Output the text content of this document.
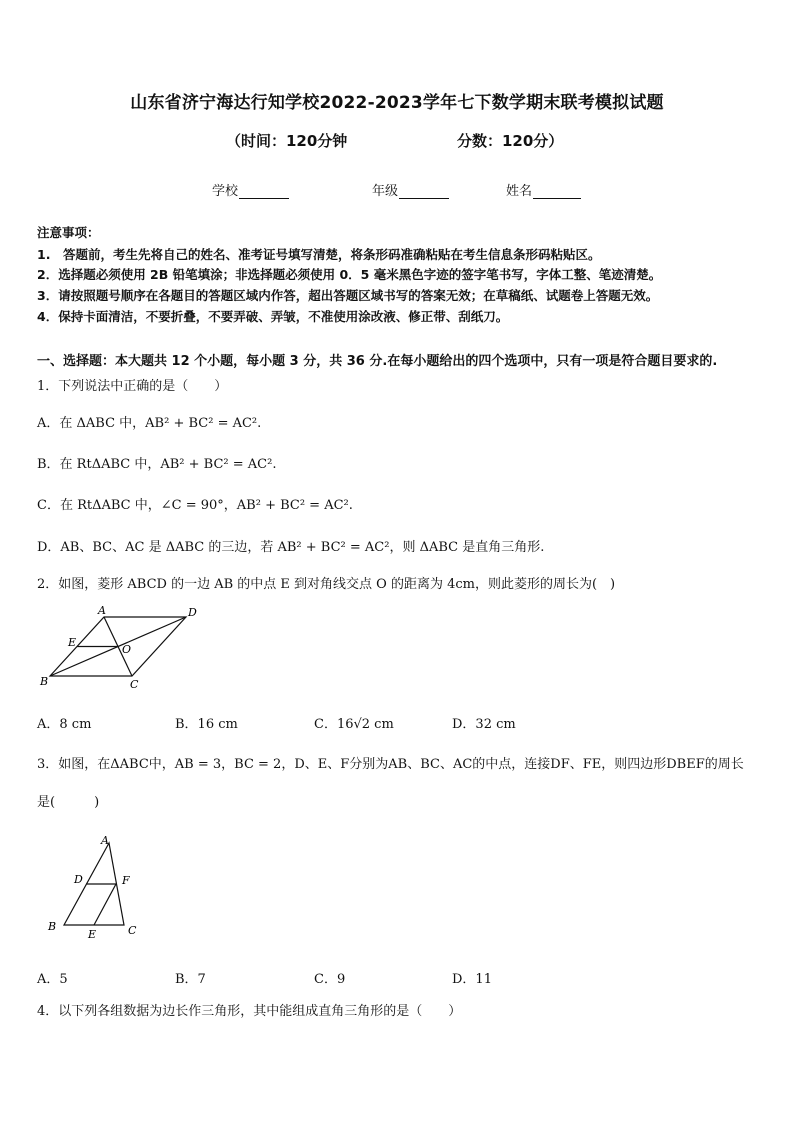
山东省济宁海达行知学校2022-2023学年七下数学期末联考模拟试题
（时间：120分钟	分数：120分）
学校	年级	姓名
注意事项：
1.　答题前，考生先将自己的姓名、准考证号填写清楚，将条形码准确粘贴在考生信息条形码粘贴区。
2．选择题必须使用 2B 铅笔填涂；非选择题必须使用 0．5 毫米黑色字迹的签字笔书写，字体工整、笔迹清楚。
3．请按照题号顺序在各题目的答题区域内作答，超出答题区域书写的答案无效；在草稿纸、试题卷上答题无效。
4．保持卡面清洁，不要折叠，不要弄破、弄皱，不准使用涂改液、修正带、刮纸刀。
一、选择题：本大题共 12 个小题，每小题 3 分，共 36 分.在每小题给出的四个选项中，只有一项是符合题目要求的.
1．下列说法中正确的是（　　）
A．在 ΔABC 中，AB² + BC² = AC².
B．在 RtΔABC 中，AB² + BC² = AC².
C．在 RtΔABC 中，∠C = 90°，AB² + BC² = AC².
D．AB、BC、AC 是 ΔABC 的三边，若 AB² + BC² = AC²，则 ΔABC 是直角三角形.
2．如图，菱形 ABCD 的一边 AB 的中点 E 到对角线交点 O 的距离为 4cm，则此菱形的周长为(　)
A	D
E
O
B	C
A．8 cm	B．16 cm	C．16√2 cm	D．32 cm
3．如图，在ΔABC中，AB = 3，BC = 2，D、E、F分别为AB、BC、AC的中点，连接DF、FE，则四边形DBEF的周长
是(　　　)
A
D	F
B
E	C
A．5	B．7	C．9	D．11
4．以下列各组数据为边长作三角形，其中能组成直角三角形的是（　　）
